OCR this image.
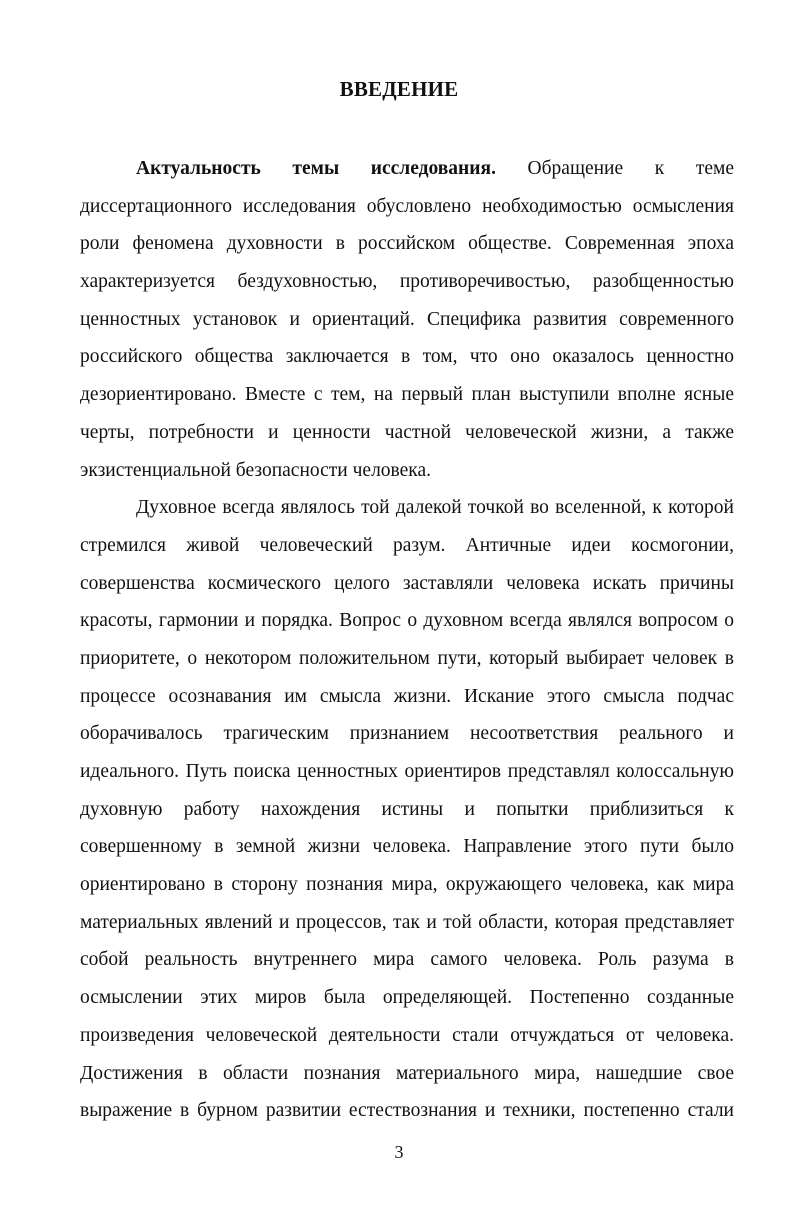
ВВЕДЕНИЕ
Актуальность темы исследования. Обращение к теме
диссертационного исследования обусловлено необходимостью осмысления
роли феномена духовности в российском обществе. Современная эпоха
характеризуется бездуховностью, противоречивостью, разобщенностью
ценностных установок и ориентаций. Специфика развития современного
российского общества заключается в том, что оно оказалось ценностно
дезориентировано. Вместе с тем, на первый план выступили вполне ясные
черты, потребности и ценности частной человеческой жизни, а также
экзистенциальной безопасности человека.
Духовное всегда являлось той далекой точкой во вселенной, к которой
стремился живой человеческий разум. Античные идеи космогонии,
совершенства космического целого заставляли человека искать причины
красоты, гармонии и порядка. Вопрос о духовном всегда являлся вопросом о
приоритете, о некотором положительном пути, который выбирает человек в
процессе осознавания им смысла жизни. Искание этого смысла подчас
оборачивалось трагическим признанием несоответствия реального и
идеального. Путь поиска ценностных ориентиров представлял колоссальную
духовную работу нахождения истины и попытки приблизиться к
совершенному в земной жизни человека. Направление этого пути было
ориентировано в сторону познания мира, окружающего человека, как мира
материальных явлений и процессов, так и той области, которая представляет
собой реальность внутреннего мира самого человека. Роль разума в
осмыслении этих миров была определяющей. Постепенно созданные
произведения человеческой деятельности стали отчуждаться от человека.
Достижения в области познания материального мира, нашедшие свое
выражение в бурном развитии естествознания и техники, постепенно стали
3
